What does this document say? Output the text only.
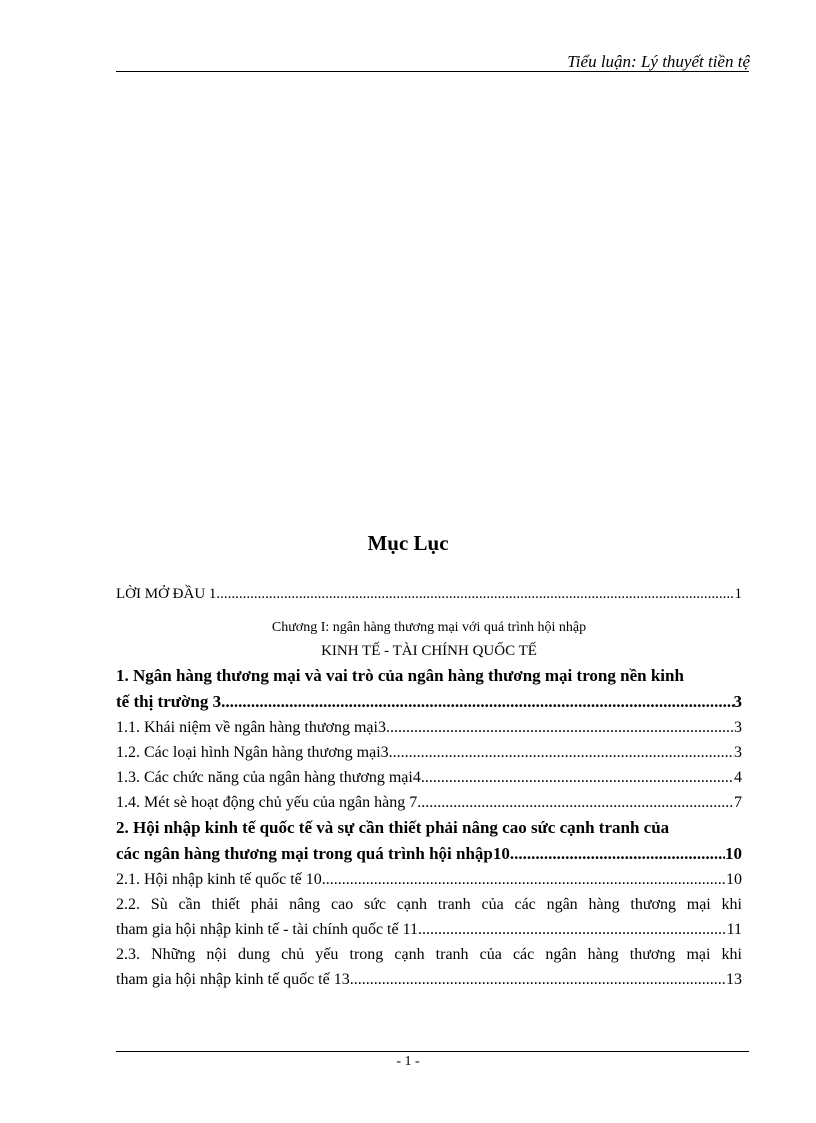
Tiểu luận: Lý thuyết tiền tệ
Mục Lục
LỜI MỞ ĐẦU 1 .....	1
Chương I: ngân hàng thương mại với quá trình hội nhập
KINH TẾ - TÀI CHÍNH QUỐC TẾ
1. Ngân hàng thương mại và vai trò của ngân hàng thương mại trong nền kinh
tế thị trường 3 .....	3
1.1. Khái niệm về ngân hàng thương mại3 .....	3
1.2. Các loại hình Ngân hàng thương mại3 .....	3
1.3. Các chức năng của ngân hàng thương mại4 .....	4
1.4. Mét sè hoạt động chủ yếu của ngân hàng 7 .....	7
2. Hội nhập kinh tế quốc tế và sự cần thiết phải nâng cao sức cạnh tranh của
các ngân hàng thương mại trong quá trình hội nhập10 .....	10
2.1. Hội nhập kinh tế quốc tế 10 .....	10
2.2. Sù cần thiết phải nâng cao sức cạnh tranh của các ngân hàng thương mại khi
tham gia hội nhập kinh tế - tài chính quốc tế 11 .....	11
2.3. Những nội dung chủ yếu trong cạnh tranh của các ngân hàng thương mại khi
tham gia hội nhập kinh tế quốc tế 13 .....	13
- 1 -
